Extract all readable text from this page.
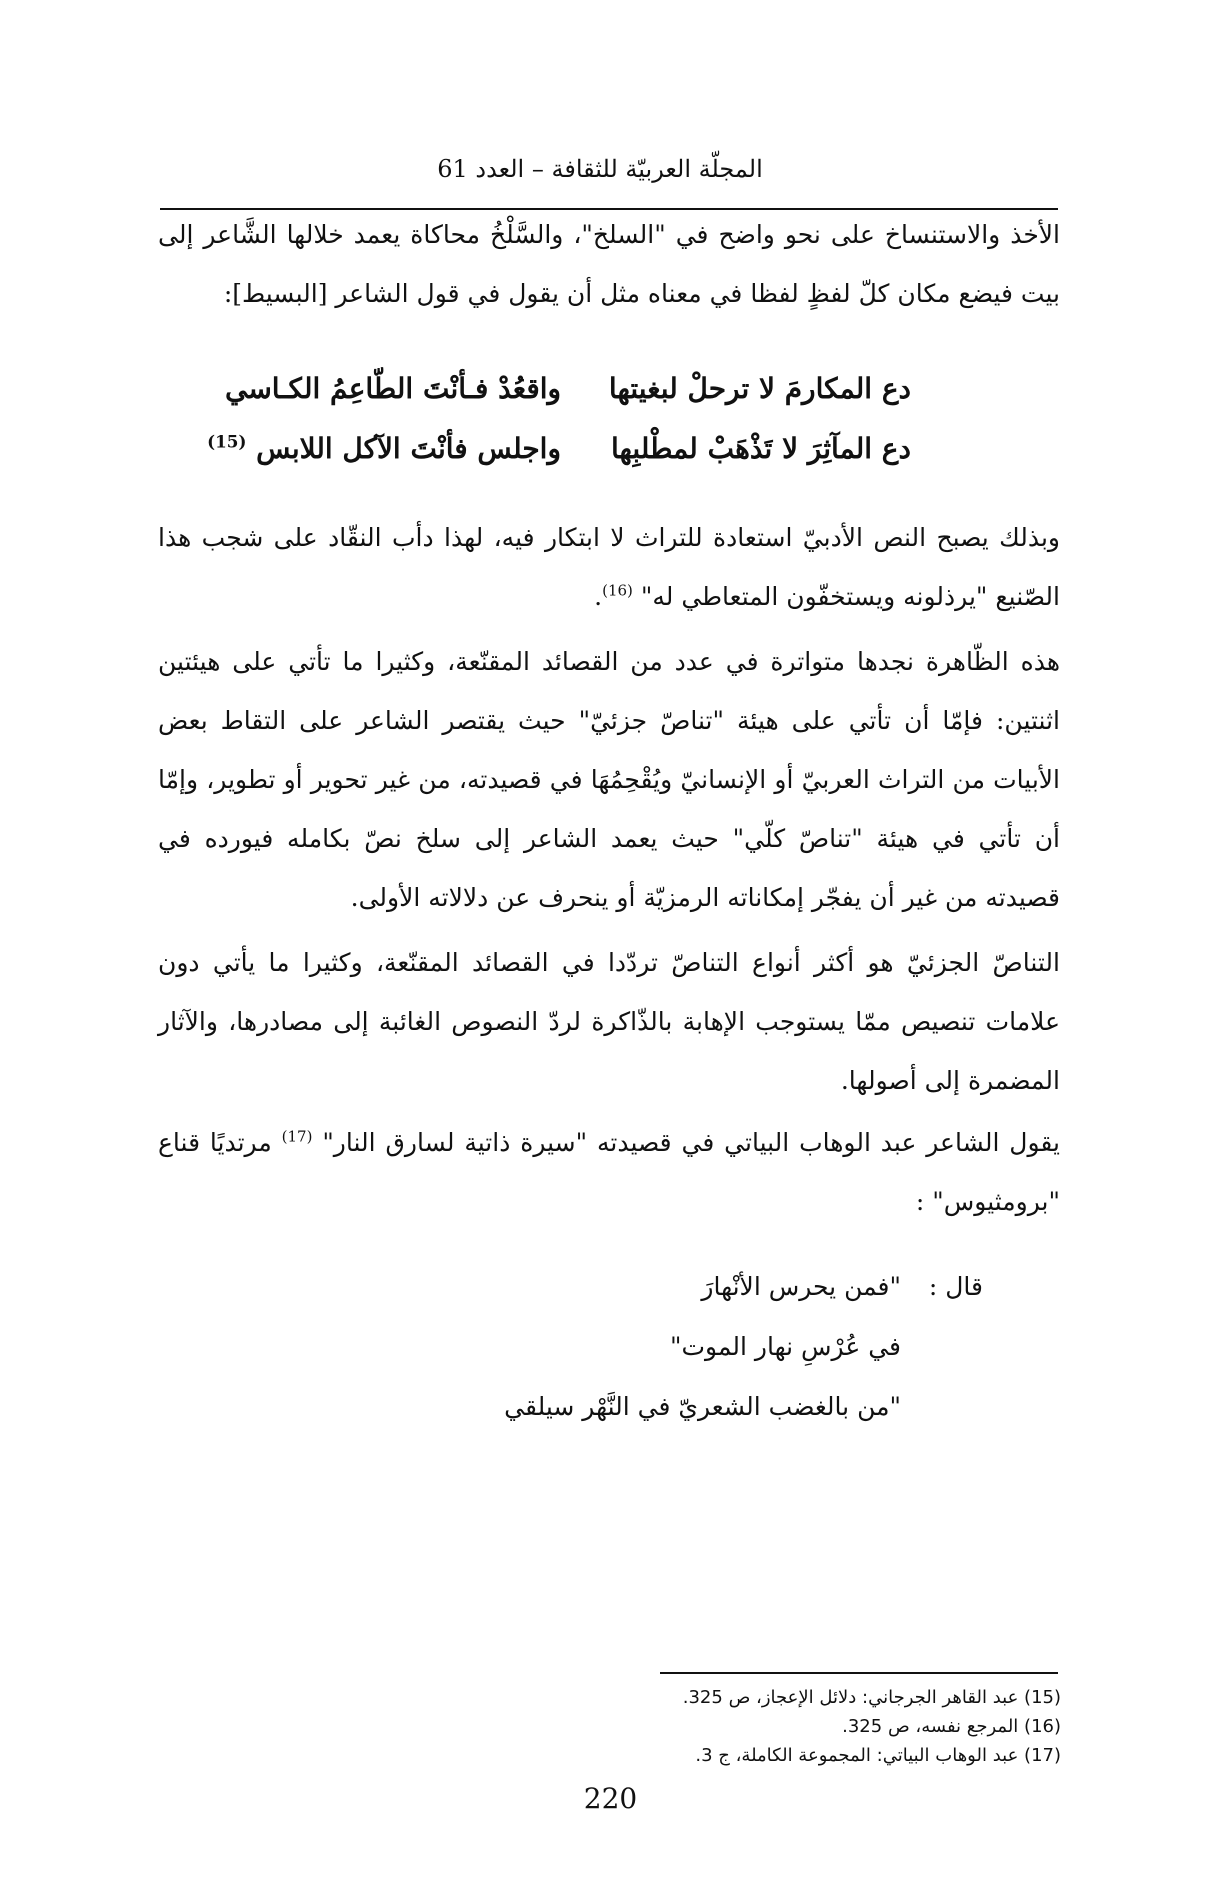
المجلّة العربيّة للثقافة – العدد 61

الأخذ والاستنساخ على نحو واضح في "السلخ"، والسَّلْخُ محاكاة يعمد خلالها الشَّاعر إلى بيت فيضع مكان كلّ لفظٍ لفظا في معناه مثل أن يقول في قول الشاعر [البسيط]:

دع المكارمَ لا ترحلْ لبغيتهاواقعُدْ فـأنْتَ الطّاعِمُ الكـاسي
دع المآثِرَ لا تَذْهَبْ لمطْلبِهاواجلس فأنْتَ الآكل اللابس $^{(15)}$

وبذلك يصبح النص الأدبيّ استعادة للتراث لا ابتكار فيه، لهذا دأب النقّاد على شجب هذا الصّنيع "يرذلونه ويستخفّون المتعاطي له" $^{(16)}$.

هذه الظّاهرة نجدها متواترة في عدد من القصائد المقنّعة، وكثيرا ما تأتي على هيئتين اثنتين: فإمّا أن تأتي على هيئة "تناصّ جزئيّ" حيث يقتصر الشاعر على التقاط بعض الأبيات من التراث العربيّ أو الإنسانيّ ويُقْحِمُهَا في قصيدته، من غير تحوير أو تطوير، وإمّا أن تأتي في هيئة "تناصّ كلّي" حيث يعمد الشاعر إلى سلخ نصّ بكامله فيورده في قصيدته من غير أن يفجّر إمكاناته الرمزيّة أو ينحرف عن دلالاته الأولى.

التناصّ الجزئيّ هو أكثر أنواع التناصّ تردّدا في القصائد المقنّعة، وكثيرا ما يأتي دون علامات تنصيص ممّا يستوجب الإهابة بالذّاكرة لردّ النصوص الغائبة إلى مصادرها، والآثار المضمرة إلى أصولها.

يقول الشاعر عبد الوهاب البياتي في قصيدته "سيرة ذاتية لسارق النار" $^{(17)}$ مرتديًا قناع "برومثيوس" :

قال :
"فمن يحرس الأنْهارَ
في عُرْسِ نهار الموت"
"من بالغضب الشعريّ في النَّهْر سيلقي
(15) عبد القاهر الجرجاني: دلائل الإعجاز، ص 325.
(16) المرجع نفسه، ص 325.
(17) عبد الوهاب البياتي: المجموعة الكاملة، ج 3.
220
